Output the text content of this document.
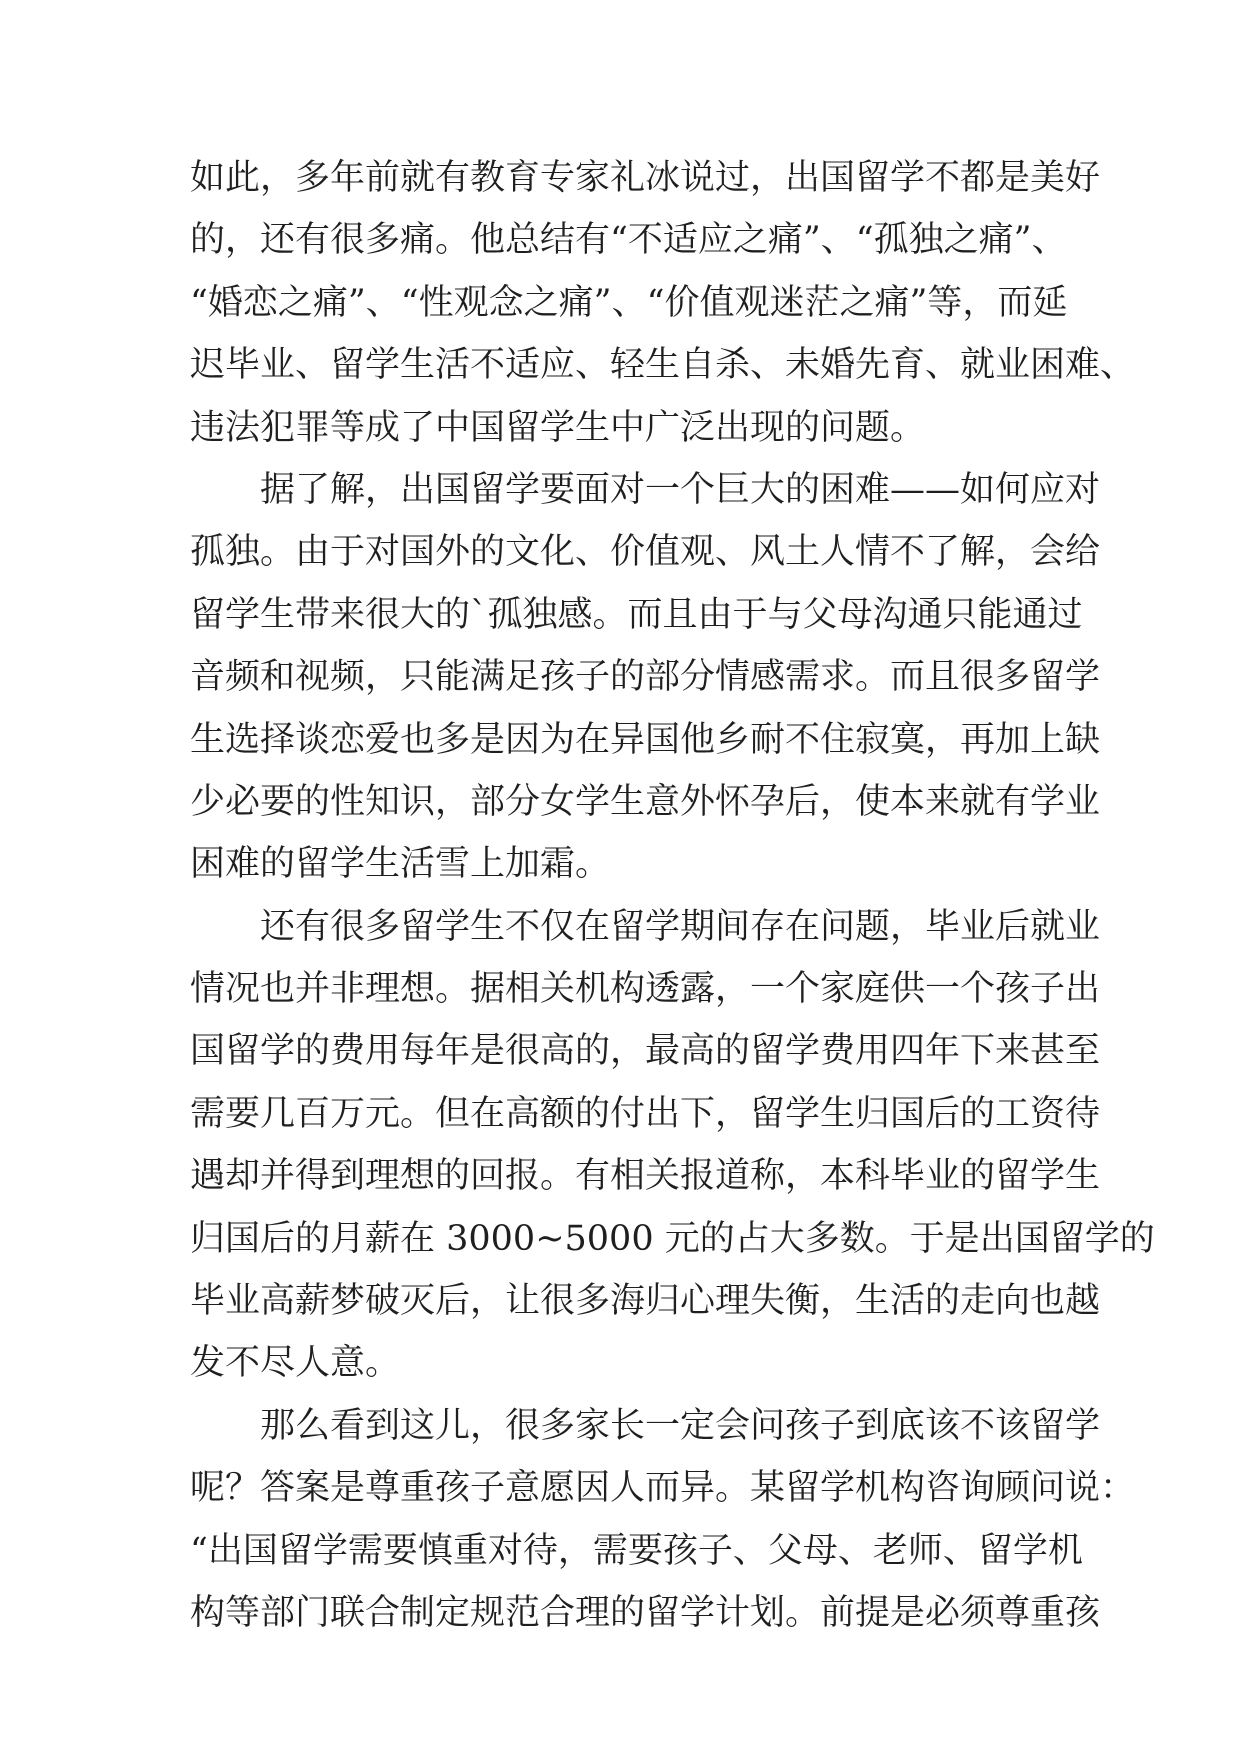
如此，多年前就有教育专家礼冰说过，出国留学不都是美好
的，还有很多痛。他总结有“不适应之痛”、“孤独之痛”、
“婚恋之痛”、“性观念之痛”、“价值观迷茫之痛”等，而延
迟毕业、留学生活不适应、轻生自杀、未婚先育、就业困难、
违法犯罪等成了中国留学生中广泛出现的问题。
据了解，出国留学要面对一个巨大的困难——如何应对
孤独。由于对国外的文化、价值观、风土人情不了解，会给
留学生带来很大的`孤独感。而且由于与父母沟通只能通过
音频和视频，只能满足孩子的部分情感需求。而且很多留学
生选择谈恋爱也多是因为在异国他乡耐不住寂寞，再加上缺
少必要的性知识，部分女学生意外怀孕后，使本来就有学业
困难的留学生活雪上加霜。
还有很多留学生不仅在留学期间存在问题，毕业后就业
情况也并非理想。据相关机构透露，一个家庭供一个孩子出
国留学的费用每年是很高的，最高的留学费用四年下来甚至
需要几百万元。但在高额的付出下，留学生归国后的工资待
遇却并得到理想的回报。有相关报道称，本科毕业的留学生
归国后的月薪在 3000~5000 元的占大多数。于是出国留学的
毕业高薪梦破灭后，让很多海归心理失衡，生活的走向也越
发不尽人意。
那么看到这儿，很多家长一定会问孩子到底该不该留学
呢？答案是尊重孩子意愿因人而异。某留学机构咨询顾问说：
“出国留学需要慎重对待，需要孩子、父母、老师、留学机
构等部门联合制定规范合理的留学计划。前提是必须尊重孩
